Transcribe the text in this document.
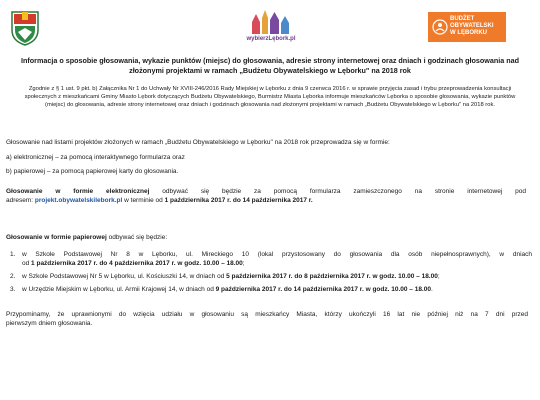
wybierzLębork.pl
BUDŻET
OBYWATELSKI
W LĘBORKU
Informacja o sposobie głosowania, wykazie punktów (miejsc) do głosowania, adresie strony internetowej oraz dniach i godzinach głosowania nad złożonymi projektami w ramach „Budżetu Obywatelskiego w Lęborku" na 2018 rok
Zgodnie z § 1 ust. 9 pkt. b) Załącznika Nr 1 do Uchwały Nr XVIII-246/2016 Rady Miejskiej w Lęborku z dnia 9 czerwca 2016 r. w sprawie przyjęcia zasad i trybu przeprowadzenia konsultacji społecznych z mieszkańcami Gminy Miasto Lębork dotyczących Budżetu Obywatelskiego, Burmistrz Miasta Lęborka informuje mieszkańców Lęborka o sposobie głosowania, wykazie punktów (miejsc) do głosowania, adresie strony internetowej oraz dniach i godzinach głosowania nad złożonymi projektami w ramach „Budżetu Obywatelskiego w Lęborku" na 2018 rok.
Głosowanie nad listami projektów złożonych w ramach „Budżetu Obywatelskiego w Lęborku" na 2018 rok przeprowadza się w formie:
a) elektronicznej – za pomocą interaktywnego formularza oraz
b) papierowej – za pomocą papierowej karty do głosowania.
Głosowanie w formie elektronicznej odbywać się będzie za pomocą formularza zamieszczonego na stronie internetowej pod
adresem: projekt.obywatelskilebork.pl w terminie od 1 października 2017 r. do 14 października 2017 r.
Głosowanie w formie papierowej odbywać się będzie:
1. w Szkole Podstawowej Nr 8 w Lęborku, ul. Mireckiego 10 (lokal przystosowany do głosowania dla osób niepełnosprawnych), w dniach
od 1 października 2017 r. do 4 października 2017 r. w godz. 10.00 – 18.00;
2. w Szkole Podstawowej Nr 5 w Lęborku, ul. Kościuszki 14, w dniach od 5 października 2017 r. do 8 października 2017 r. w godz. 10.00 – 18.00;
3. w Urzędzie Miejskim w Lęborku, ul. Armii Krajowej 14, w dniach od 9 października 2017 r. do 14 października 2017 r. w godz. 10.00 – 18.00.
Przypominamy, że uprawnionymi do wzięcia udziału w głosowaniu są mieszkańcy Miasta, którzy ukończyli 16 lat nie później niż na 7 dni przed
pierwszym dniem głosowania.
